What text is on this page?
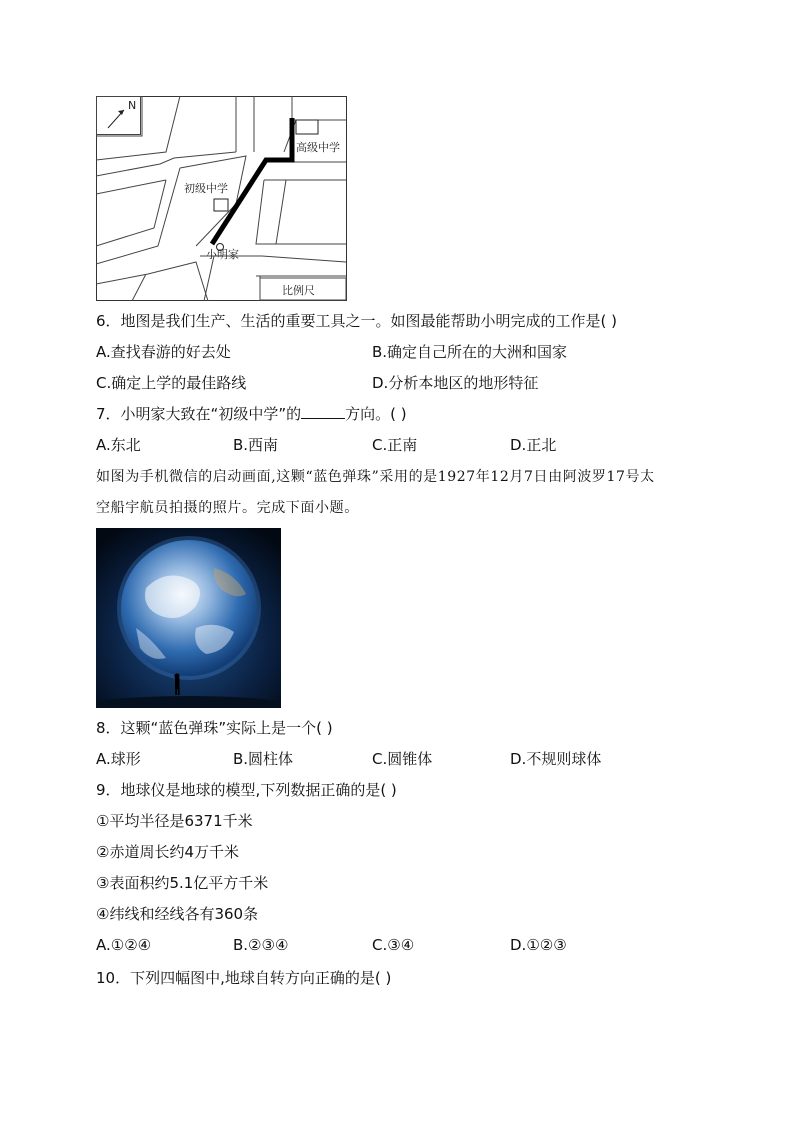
N
高级中学
初级中学
小明家
比例尺
6．地图是我们生产、生活的重要工具之一。如图最能帮助小明完成的工作是( )
A.查找春游的好去处	B.确定自己所在的大洲和国家
C.确定上学的最佳路线	D.分析本地区的地形特征
7．小明家大致在“初级中学”的	方向。( )
A.东北	B.西南	C.正南	D.正北
如图为手机微信的启动画面,这颗“蓝色弹珠”采用的是1927年12月7日由阿波罗17号太
空船宇航员拍摄的照片。完成下面小题。
8．这颗“蓝色弹珠”实际上是一个( )
A.球形	B.圆柱体	C.圆锥体	D.不规则球体
9．地球仪是地球的模型,下列数据正确的是( )
①平均半径是6371千米
②赤道周长约4万千米
③表面积约5.1亿平方千米
④纬线和经线各有360条
A.①②④	B.②③④	C.③④	D.①②③
10．下列四幅图中,地球自转方向正确的是( )
